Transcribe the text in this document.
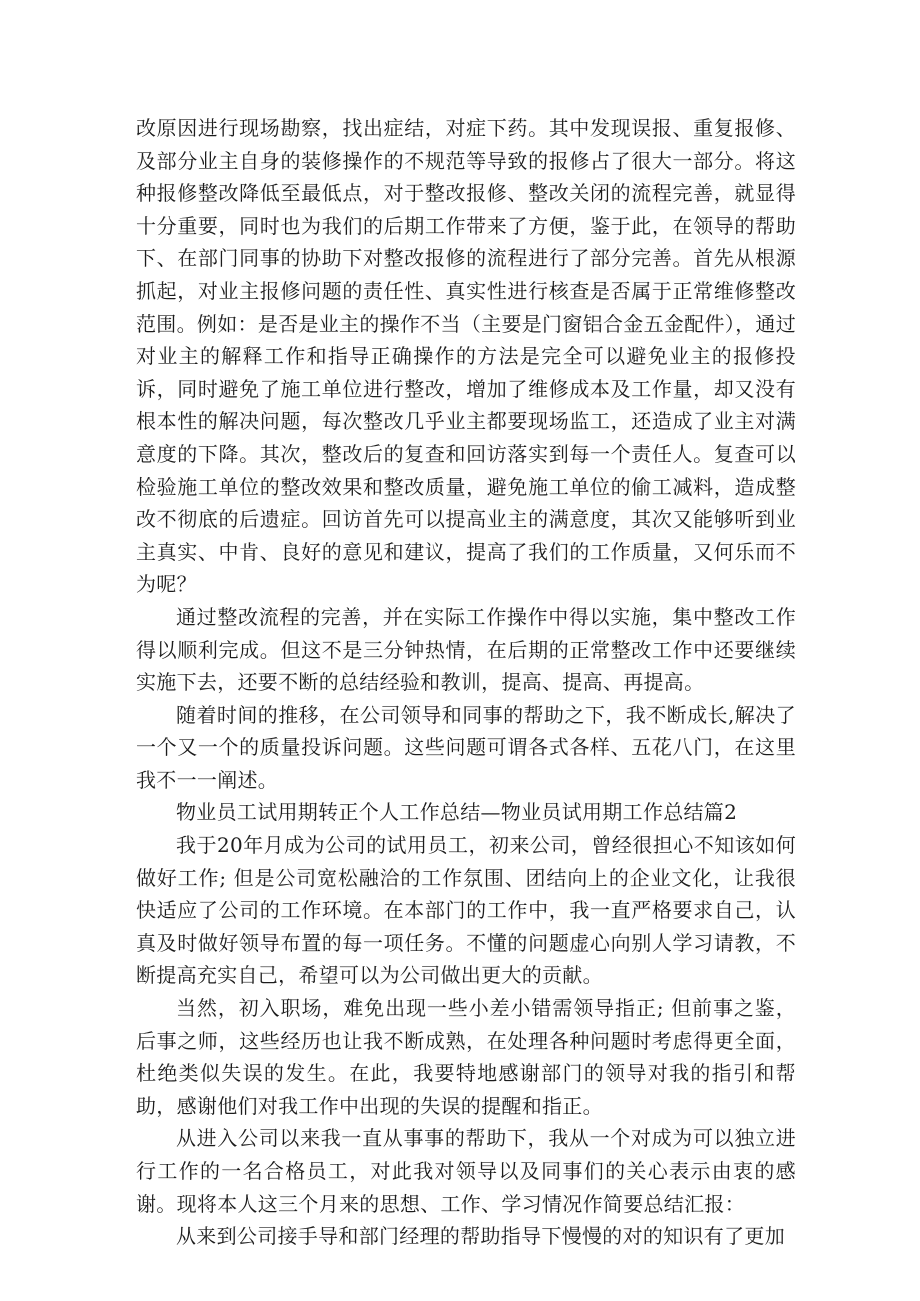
改原因进行现场勘察，找出症结，对症下药。其中发现误报、重复报修、及部分业主自身的装修操作的不规范等导致的报修占了很大一部分。将这种报修整改降低至最低点，对于整改报修、整改关闭的流程完善，就显得十分重要，同时也为我们的后期工作带来了方便，鉴于此，在领导的帮助下、在部门同事的协助下对整改报修的流程进行了部分完善。首先从根源抓起，对业主报修问题的责任性、真实性进行核查是否属于正常维修整改范围。例如：是否是业主的操作不当（主要是门窗铝合金五金配件），通过对业主的解释工作和指导正确操作的方法是完全可以避免业主的报修投诉，同时避免了施工单位进行整改，增加了维修成本及工作量，却又没有根本性的解决问题，每次整改几乎业主都要现场监工，还造成了业主对满意度的下降。其次，整改后的复查和回访落实到每一个责任人。复查可以检验施工单位的整改效果和整改质量，避免施工单位的偷工减料，造成整改不彻底的后遗症。回访首先可以提高业主的满意度，其次又能够听到业主真实、中肯、良好的意见和建议，提高了我们的工作质量，又何乐而不为呢？

通过整改流程的完善，并在实际工作操作中得以实施，集中整改工作得以顺利完成。但这不是三分钟热情，在后期的正常整改工作中还要继续实施下去，还要不断的总结经验和教训，提高、提高、再提高。

随着时间的推移，在公司领导和同事的帮助之下，我不断成长,解决了一个又一个的质量投诉问题。这些问题可谓各式各样、五花八门，在这里我不一一阐述。

物业员工试用期转正个人工作总结—物业员试用期工作总结篇2

我于20年月成为公司的试用员工，初来公司，曾经很担心不知该如何做好工作; 但是公司宽松融洽的工作氛围、团结向上的企业文化，让我很快适应了公司的工作环境。在本部门的工作中，我一直严格要求自己，认真及时做好领导布置的每一项任务。不懂的问题虚心向别人学习请教，不断提高充实自己，希望可以为公司做出更大的贡献。

当然，初入职场，难免出现一些小差小错需领导指正; 但前事之鉴，后事之师，这些经历也让我不断成熟，在处理各种问题时考虑得更全面，杜绝类似失误的发生。在此，我要特地感谢部门的领导对我的指引和帮助，感谢他们对我工作中出现的失误的提醒和指正。

从进入公司以来我一直从事事的帮助下，我从一个对成为可以独立进行工作的一名合格员工，对此我对领导以及同事们的关心表示由衷的感谢。现将本人这三个月来的思想、工作、学习情况作简要总结汇报：

从来到公司接手导和部门经理的帮助指导下慢慢的对的知识有了更加
